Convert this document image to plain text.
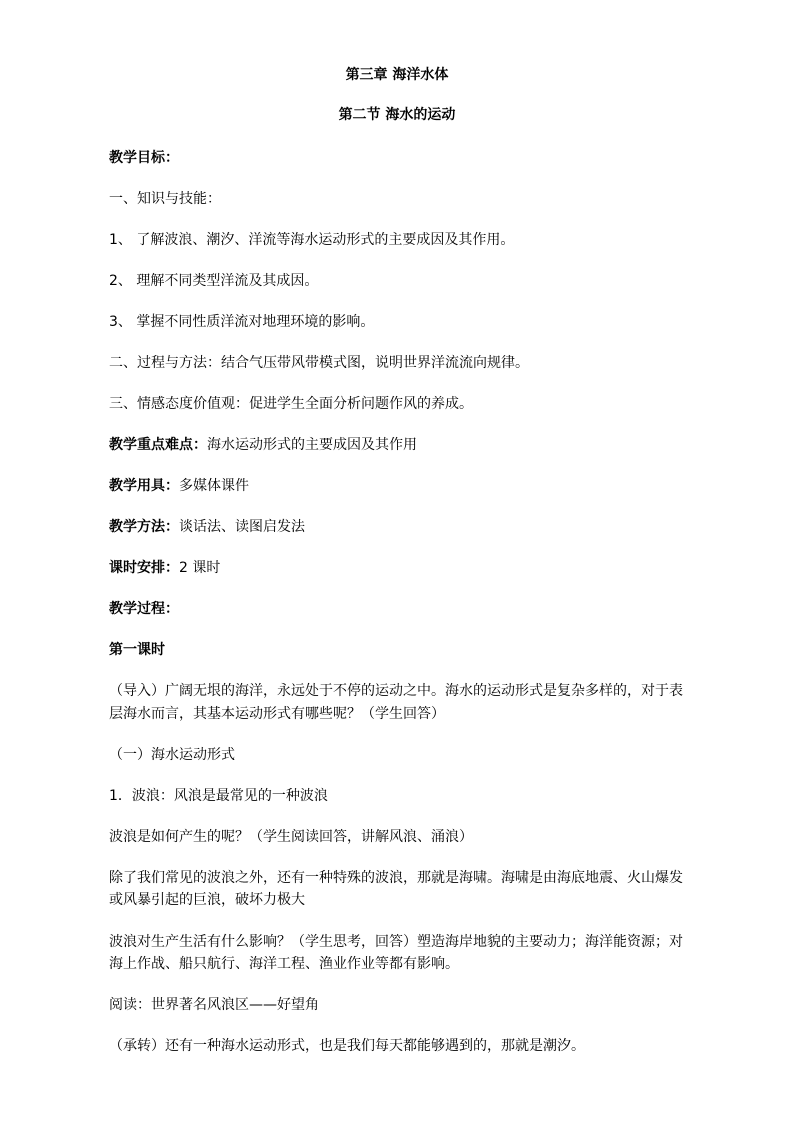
第三章 海洋水体
第二节 海水的运动
教学目标：
一、知识与技能：
1、 了解波浪、潮汐、洋流等海水运动形式的主要成因及其作用。
2、 理解不同类型洋流及其成因。
3、 掌握不同性质洋流对地理环境的影响。
二、过程与方法：结合气压带风带模式图，说明世界洋流流向规律。
三、情感态度价值观：促进学生全面分析问题作风的养成。
教学重点难点：海水运动形式的主要成因及其作用
教学用具：多媒体课件
教学方法：谈话法、读图启发法
课时安排：2 课时
教学过程：
第一课时
（导入）广阔无垠的海洋，永远处于不停的运动之中。海水的运动形式是复杂多样的，对于表
层海水而言，其基本运动形式有哪些呢？（学生回答）
（一）海水运动形式
1．波浪：风浪是最常见的一种波浪
波浪是如何产生的呢？（学生阅读回答，讲解风浪、涌浪）
除了我们常见的波浪之外，还有一种特殊的波浪，那就是海啸。海啸是由海底地震、火山爆发
或风暴引起的巨浪，破坏力极大
波浪对生产生活有什么影响？（学生思考，回答）塑造海岸地貌的主要动力；海洋能资源；对
海上作战、船只航行、海洋工程、渔业作业等都有影响。
阅读：世界著名风浪区——好望角
（承转）还有一种海水运动形式，也是我们每天都能够遇到的，那就是潮汐。
